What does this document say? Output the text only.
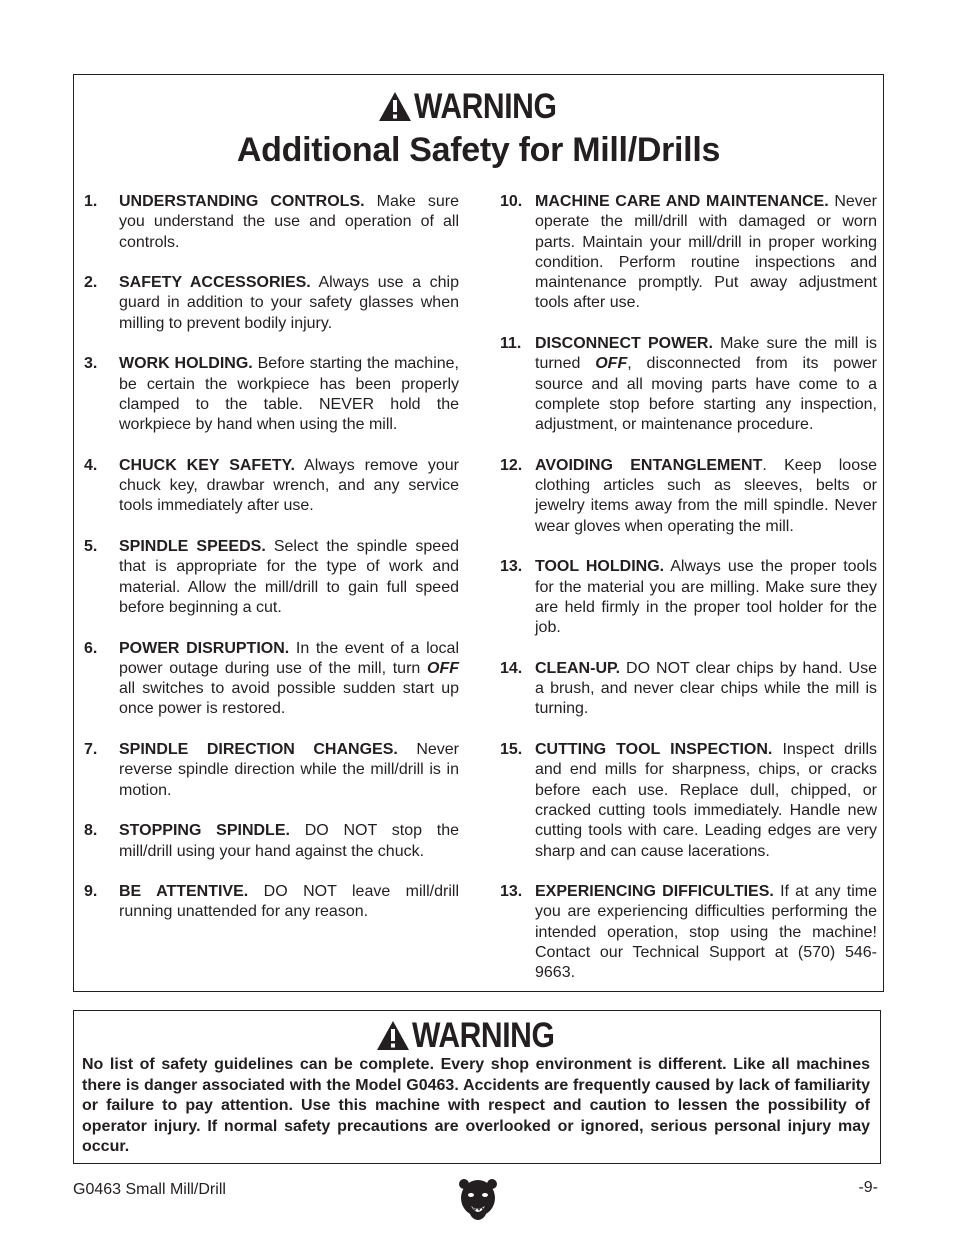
WARNING
Additional Safety for Mill/Drills
1. UNDERSTANDING CONTROLS. Make sure you understand the use and operation of all controls.
2. SAFETY ACCESSORIES. Always use a chip guard in addition to your safety glasses when milling to prevent bodily injury.
3. WORK HOLDING. Before starting the machine, be certain the workpiece has been properly clamped to the table. NEVER hold the workpiece by hand when using the mill.
4. CHUCK KEY SAFETY. Always remove your chuck key, drawbar wrench, and any service tools immediately after use.
5. SPINDLE SPEEDS. Select the spindle speed that is appropriate for the type of work and material. Allow the mill/drill to gain full speed before beginning a cut.
6. POWER DISRUPTION. In the event of a local power outage during use of the mill, turn OFF all switches to avoid possible sudden start up once power is restored.
7. SPINDLE DIRECTION CHANGES. Never reverse spindle direction while the mill/drill is in motion.
8. STOPPING SPINDLE. DO NOT stop the mill/drill using your hand against the chuck.
9. BE ATTENTIVE. DO NOT leave mill/drill running unattended for any reason.
10. MACHINE CARE AND MAINTENANCE. Never operate the mill/drill with damaged or worn parts. Maintain your mill/drill in proper working condition. Perform routine inspections and maintenance promptly. Put away adjustment tools after use.
11. DISCONNECT POWER. Make sure the mill is turned OFF, disconnected from its power source and all moving parts have come to a complete stop before starting any inspection, adjustment, or maintenance procedure.
12. AVOIDING ENTANGLEMENT. Keep loose clothing articles such as sleeves, belts or jewelry items away from the mill spindle. Never wear gloves when operating the mill.
13. TOOL HOLDING. Always use the proper tools for the material you are milling. Make sure they are held firmly in the proper tool holder for the job.
14. CLEAN-UP. DO NOT clear chips by hand. Use a brush, and never clear chips while the mill is turning.
15. CUTTING TOOL INSPECTION. Inspect drills and end mills for sharpness, chips, or cracks before each use. Replace dull, chipped, or cracked cutting tools immediately. Handle new cutting tools with care. Leading edges are very sharp and can cause lacerations.
13. EXPERIENCING DIFFICULTIES. If at any time you are experiencing difficulties performing the intended operation, stop using the machine! Contact our Technical Support at (570) 546-9663.
WARNING
No list of safety guidelines can be complete. Every shop environment is different. Like all machines there is danger associated with the Model G0463. Accidents are frequently caused by lack of familiarity or failure to pay attention. Use this machine with respect and caution to lessen the possibility of operator injury. If normal safety precautions are overlooked or ignored, serious personal injury may occur.
G0463 Small Mill/Drill	-9-
